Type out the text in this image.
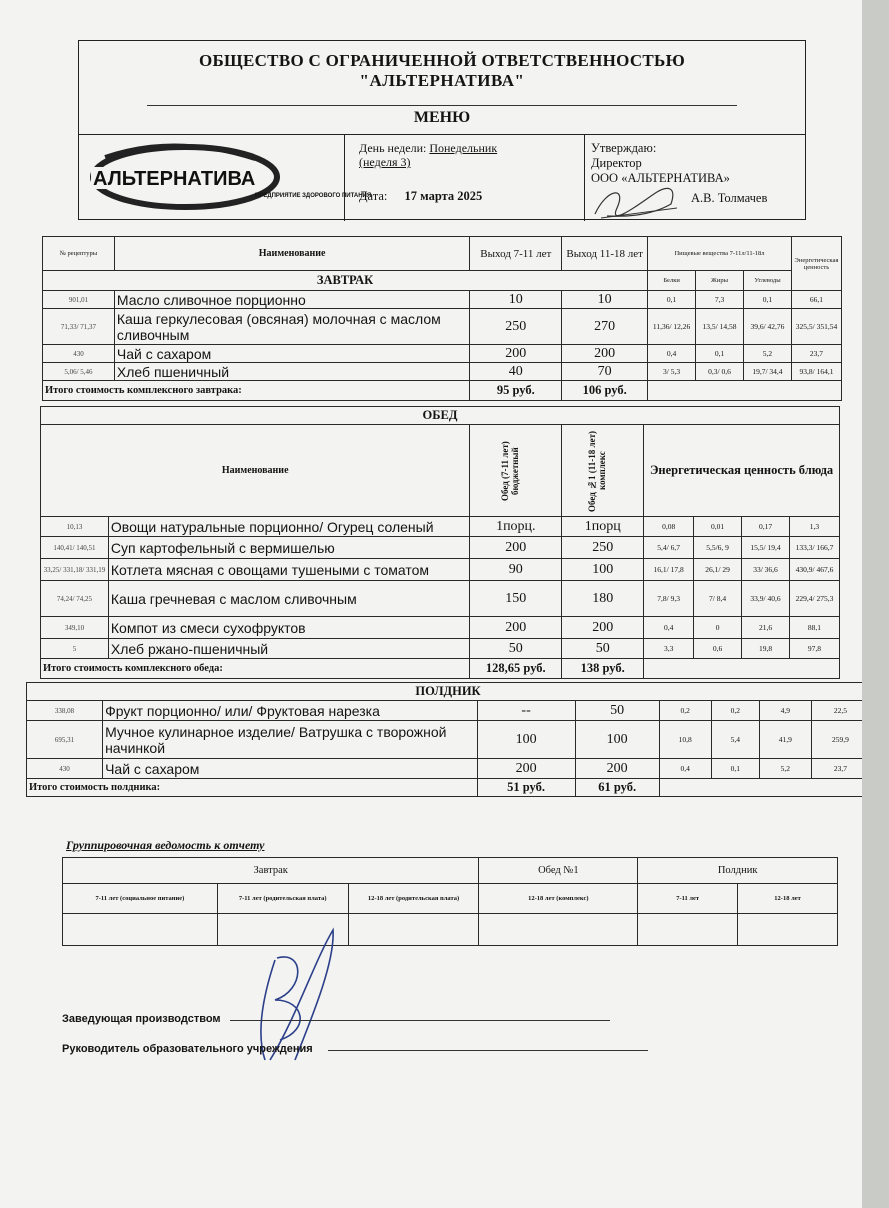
ОБЩЕСТВО С ОГРАНИЧЕННОЙ ОТВЕТСТВЕННОСТЬЮ
"АЛЬТЕРНАТИВА"
МЕНЮ
АЛЬТЕРНАТИВА
ПРЕДПРИЯТИЕ ЗДОРОВОГО ПИТАНИЯ
День недели: Понедельник
(неделя 3)
Дата: 17 марта 2025
Утверждаю:
Директор
ООО «АЛЬТЕРНАТИВА»
А.В. Толмачев
№ рецептуры	Наименование	Выход 7-11 лет	Выход 11-18 лет	Пищевые вещества 7-11л/11-18л			Энергетическая ценность
ЗАВТРАК				Белки	Жиры	Углеводы	
901,01	Масло сливочное порционно	10	10	0,1	7,3	0,1	66,1
71,33/ 71,37	Каша геркулесовая (овсяная) молочная с маслом сливочным	250	270	11,36/ 12,26	13,5/ 14,58	39,6/ 42,76	325,5/ 351,54
430	Чай с сахаром	200	200	0,4	0,1	5,2	23,7
5,06/ 5,46	Хлеб пшеничный	40	70	3/ 5,3	0,3/ 0,6	19,7/ 34,4	93,8/ 164,1
Итого стоимость комплексного завтрака:		95 руб.	106 руб.				
ОБЕД							
Наименование		Обед (7-11 лет) бюджетный	Обед №1 (11-18 лет) комплекс	Энергетическая ценность блюда			
10,13	Овощи натуральные порционно/ Огурец соленый	1порц.	1порц	0,08	0,01	0,17	1,3
140,41/ 140,51	Суп картофельный с вермишелью	200	250	5,4/ 6,7	5,5/6, 9	15,5/ 19,4	133,3/ 166,7
33,25/ 331,18/ 331,19	Котлета мясная с овощами тушеными с томатом	90	100	16,1/ 17,8	26,1/ 29	33/ 36,6	430,9/ 467,6
74,24/ 74,25	Каша гречневая с маслом сливочным	150	180	7,8/ 9,3	7/ 8,4	33,9/ 40,6	229,4/ 275,3
349,10	Компот из смеси сухофруктов	200	200	0,4	0	21,6	88,1
5	Хлеб ржано-пшеничный	50	50	3,3	0,6	19,8	97,8
Итого стоимость комплексного обеда:		128,65 руб.	138 руб.				
ПОЛДНИК							
338,08	Фрукт порционно/ или/ Фруктовая нарезка	--	50	0,2	0,2	4,9	22,5
695,31	Мучное кулинарное изделие/ Ватрушка с творожной начинкой	100	100	10,8	5,4	41,9	259,9
430	Чай с сахаром	200	200	0,4	0,1	5,2	23,7
Итого стоимость полдника:		51 руб.	61 руб.				
Группировочная ведомость к отчету
Завтрак			Обед №1	Полдник	
7-11 лет (социальное питание)	7-11 лет (родительская плата)	12-18 лет (родительская плата)	12-18 лет (комплекс)	7-11 лет	12-18 лет

Заведующая производством
Руководитель образовательного учреждения
